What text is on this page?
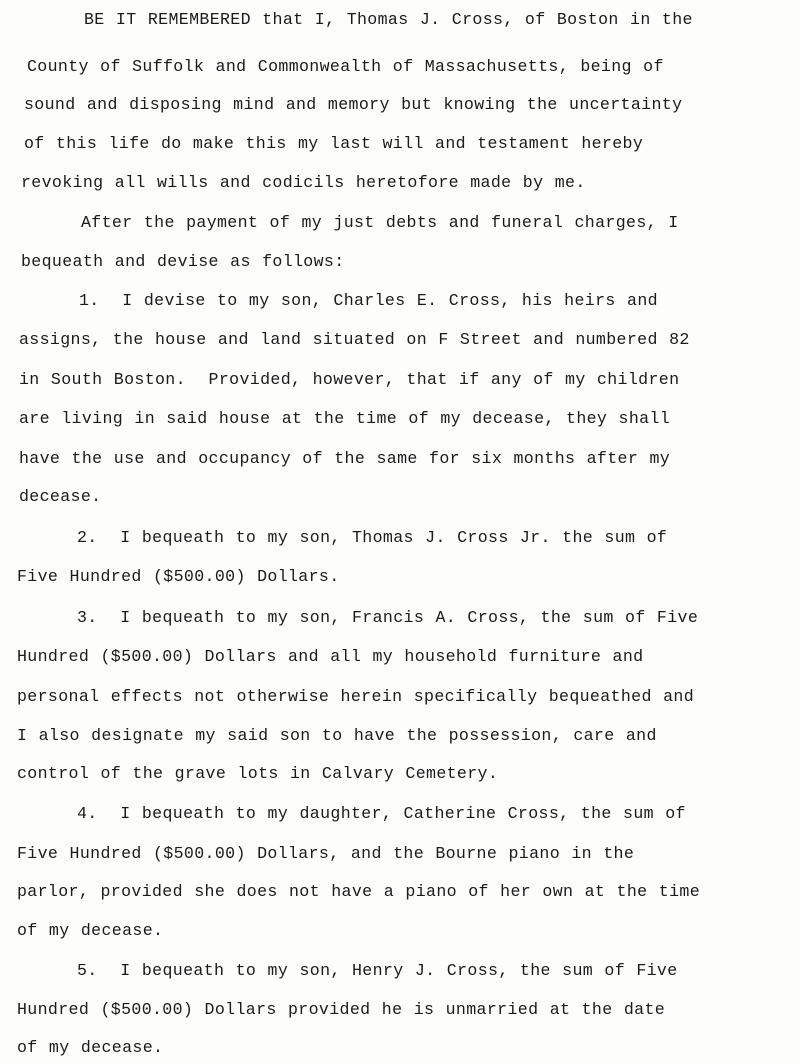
BE IT REMEMBERED that I, Thomas J. Cross, of Boston in the
County of Suffolk and Commonwealth of Massachusetts, being of
sound and disposing mind and memory but knowing the uncertainty
of this life do make this my last will and testament hereby
revoking all wills and codicils heretofore made by me.
After the payment of my just debts and funeral charges, I
bequeath and devise as follows:
1.  I devise to my son, Charles E. Cross, his heirs and
assigns, the house and land situated on F Street and numbered 82
in South Boston.  Provided, however, that if any of my children
are living in said house at the time of my decease, they shall
have the use and occupancy of the same for six months after my
decease.
2.  I bequeath to my son, Thomas J. Cross Jr. the sum of
Five Hundred ($500.00) Dollars.
3.  I bequeath to my son, Francis A. Cross, the sum of Five
Hundred ($500.00) Dollars and all my household furniture and
personal effects not otherwise herein specifically bequeathed and
I also designate my said son to have the possession, care and
control of the grave lots in Calvary Cemetery.
4.  I bequeath to my daughter, Catherine Cross, the sum of
Five Hundred ($500.00) Dollars, and the Bourne piano in the
parlor, provided she does not have a piano of her own at the time
of my decease.
5.  I bequeath to my son, Henry J. Cross, the sum of Five
Hundred ($500.00) Dollars provided he is unmarried at the date
of my decease.
